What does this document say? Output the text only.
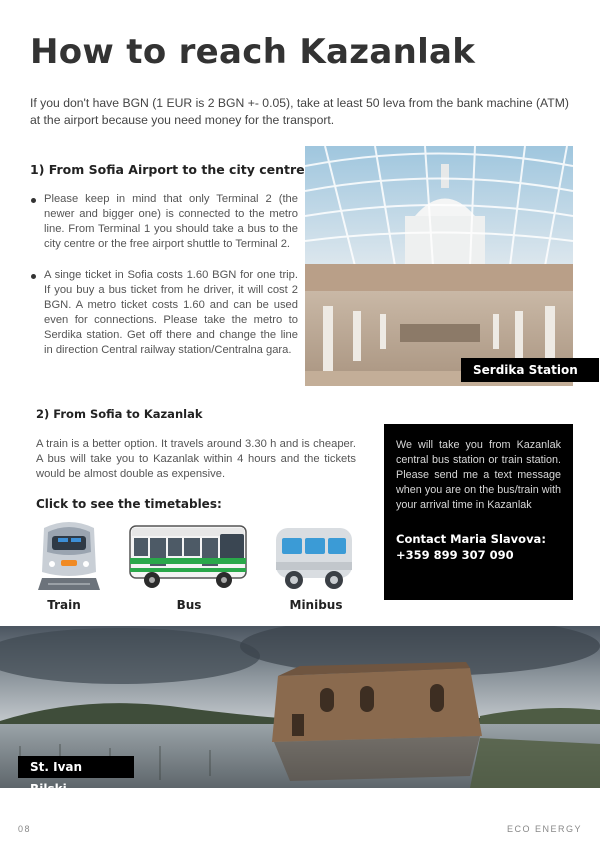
How to reach Kazanlak

If you don't have BGN (1 EUR is 2 BGN +- 0.05), take at least 50 leva from the bank machine (ATM) at the airport because you need money for the transport.

1) From Sofia Airport to the city centre
Please keep in mind that only Terminal 2 (the newer and bigger one) is connected to the metro line. From Terminal 1 you should take a bus to the city centre or the free airport shuttle to Terminal 2.
A singe ticket in Sofia costs 1.60 BGN for one trip. If you buy a bus ticket from he driver, it will cost 2 BGN. A metro ticket costs 1.60 and can be used even for connections. Please take the metro to Serdika station. Get off there and change the line in direction Central railway station/Centralna gara.
Serdika Station
2) From Sofia to Kazanlak

A train is a better option. It travels around 3.30 h and is cheaper. A bus will take you to Kazanlak within 4 hours and the tickets would be almost double as expensive.

Click to see the timetables:
Train	Bus	Minibus

We will take you from Kazanlak central bus station or train station. Please send me a text message when you are on the bus/train with your arrival time in Kazanlak

Contact Maria Slavova:
+359 899 307 090
St. Ivan Rilski
08	ECO ENERGY
